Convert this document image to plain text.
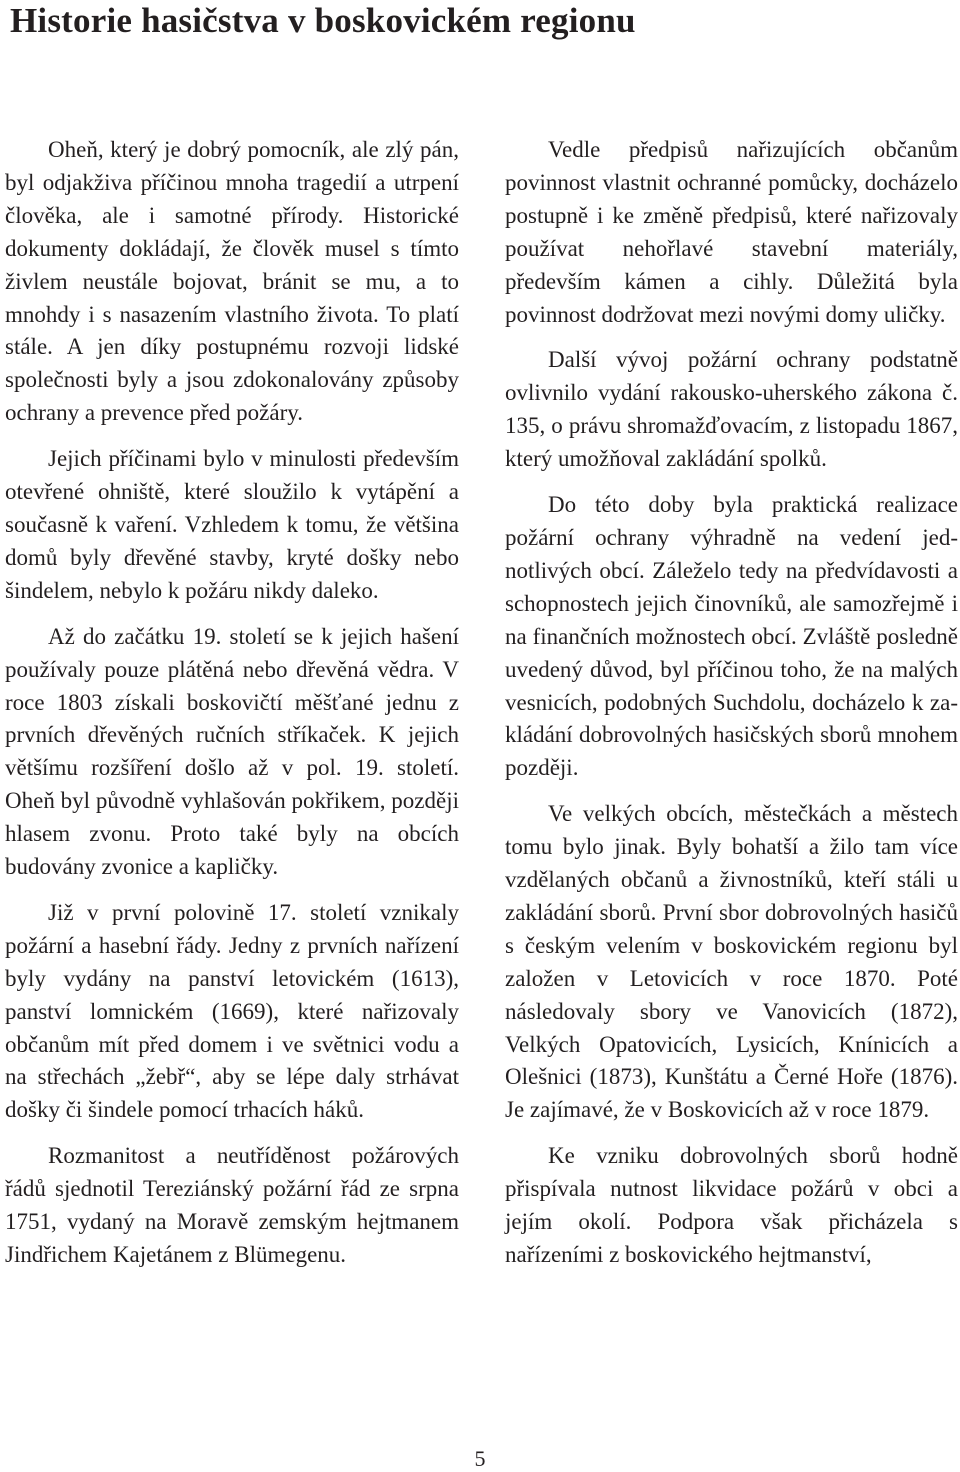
Historie hasičstva v boskovickém regionu

Oheň, který je dobrý pomocník, ale zlý pán, byl odjakživa příčinou mnoha tragedií a utrpení člověka, ale i samotné přírody. Historické dokumenty dokládají, že člověk musel s tímto živlem neustále bojovat, bránit se mu, a to mnohdy i s nasazením vlastního života. To platí stále. A jen díky postupnému rozvoji lidské společnosti byly a jsou zdokonalovány způsoby ochrany a prevence před požáry.

Jejich příčinami bylo v minulosti především otevřené ohniště, které sloužilo k vytápění a současně k vaření. Vzhledem k tomu, že většina domů byly dřevěné stavby, kryté došky nebo šindelem, nebylo k požáru nikdy daleko.

Až do začátku 19. století se k jejich hašení používaly pouze plátěná nebo dřevěná vědra. V roce 1803 získali boskovičtí měšťané jednu z prvních dřevěných ručních stříkaček. K jejich většímu rozšíření došlo až v pol. 19. století. Oheň byl původně vyhlašován pokřikem, později hlasem zvonu. Proto také byly na obcích budovány zvonice a kapličky.

Již v první polovině 17. století vznikaly požární a hasební řády. Jedny z prvních nařízení byly vydány na panství letovickém (1613), panství lomnickém (1669), které nařizovaly občanům mít před domem i ve světnici vodu a na střechách „žebř“, aby se lépe daly strhávat došky či šindele pomocí trhacích háků.

Rozmanitost a neutříděnost požárových řádů sjednotil Tereziánský požární řád ze srpna 1751, vydaný na Moravě zemským hejtmanem Jindřichem Kajetánem z Blümegenu.

Vedle předpisů nařizujících občanům povinnost vlastnit ochranné pomůcky, docházelo postupně i ke změně předpisů, které nařizovaly používat nehořlavé stavební materiály, především kámen a cihly. Důležitá byla povinnost dodržovat mezi novými domy uličky.

Další vývoj požární ochrany podstatně ovlivnilo vydání rakousko-uherského zákona č. 135, o právu shromažďovacím, z listopadu 1867, který umožňoval zakládání spolků.

Do této doby byla praktická realizace požární ochrany výhradně na vedení jednotlivých obcí. Záleželo tedy na předvídavosti a schopnostech jejich činovníků, ale samozřejmě i na finančních možnostech obcí. Zvláště posledně uvedený důvod, byl příčinou toho, že na malých vesnicích, podobných Suchdolu, docházelo k zakládání dobrovolných hasičských sborů mnohem později.

Ve velkých obcích, městečkách a městech tomu bylo jinak. Byly bohatší a žilo tam více vzdělaných občanů a živnostníků, kteří stáli u zakládání sborů. První sbor dobrovolných hasičů s českým velením v boskovickém regionu byl založen v Letovicích v roce 1870. Poté následovaly sbory ve Vanovicích (1872), Velkých Opatovicích, Lysicích, Knínicích a Olešnici (1873), Kunštátu a Černé Hoře (1876). Je zajímavé, že v Boskovicích až v roce 1879.

Ke vzniku dobrovolných sborů hodně přispívala nutnost likvidace požárů v obci a jejím okolí. Podpora však přicházela s nařízeními z boskovického hejtmanství,

5
